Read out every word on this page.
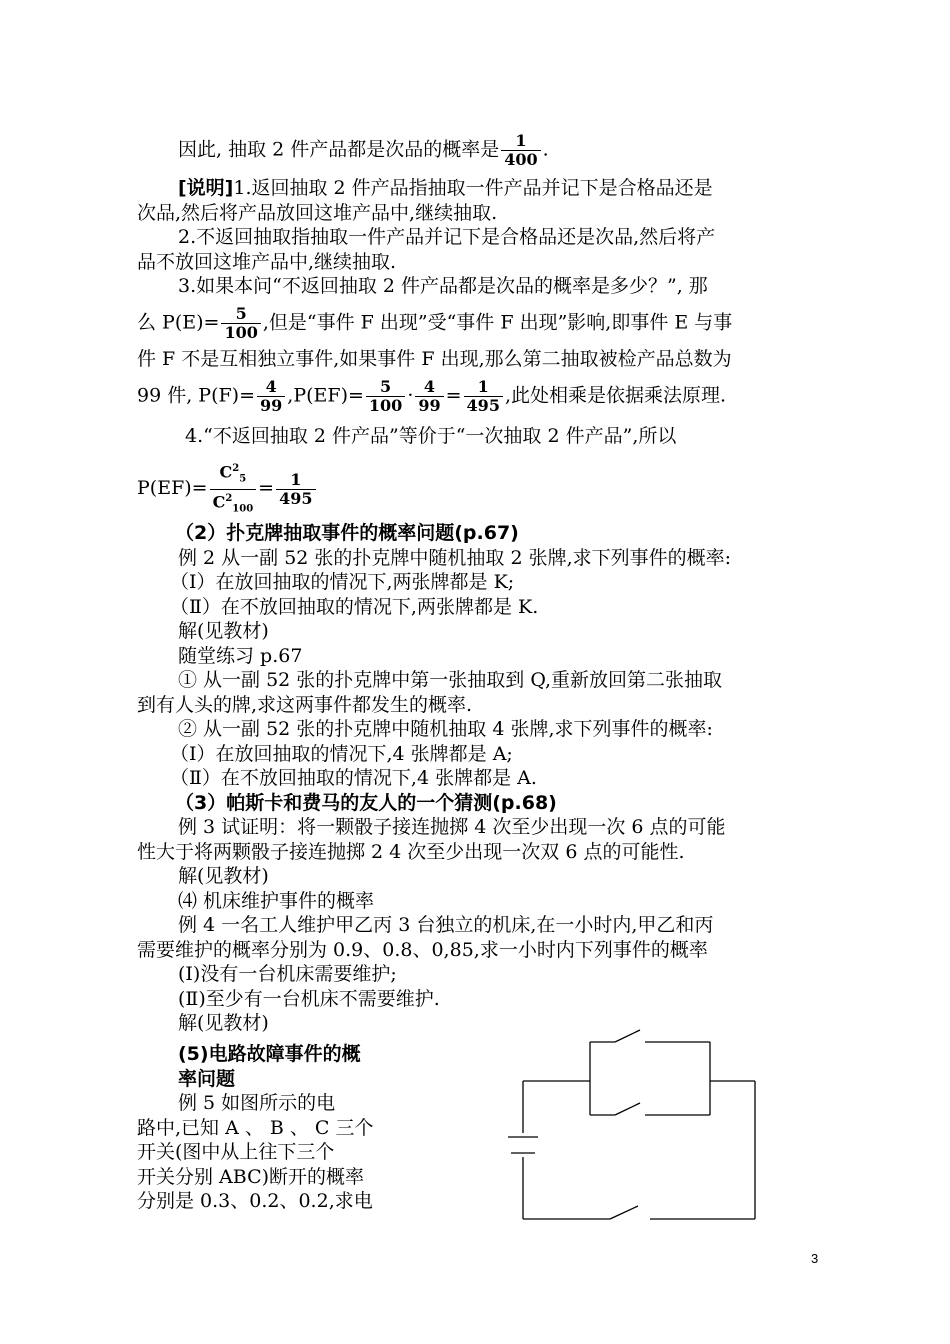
因此, 抽取 2 件产品都是次品的概率是 $\frac{1}{400}$ .
[说明]1.返回抽取 2 件产品指抽取一件产品并记下是合格品还是
次品,然后将产品放回这堆产品中,继续抽取.
2.不返回抽取指抽取一件产品并记下是合格品还是次品,然后将产
品不放回这堆产品中,继续抽取.
3.如果本问“不返回抽取 2 件产品都是次品的概率是多少？”, 那
么 $P(E)= \frac{5}{100}$ ,但是“事件 F 出现”受“事件 F 出现”影响,即事件 E 与事
件 F 不是互相独立事件,如果事件 F 出现,那么第二抽取被检产品总数为
99 件, $P(F)= \frac{4}{99} ,P(EF)= \frac{5}{100} \cdot \frac{4}{99} = \frac{1}{495}$ ,此处相乘是依据乘法原理.
4.“不返回抽取 2 件产品”等价于“一次抽取 2 件产品”,所以
$P(EF)= \frac{C^2_5}{C^2_{100}} = \frac{1}{495}$
（2）扑克牌抽取事件的概率问题(p.67)
例 2 从一副 52 张的扑克牌中随机抽取 2 张牌,求下列事件的概率:
（Ⅰ）在放回抽取的情况下,两张牌都是 K;
（Ⅱ）在不放回抽取的情况下,两张牌都是 K.
解(见教材)
随堂练习 p.67
① 从一副 52 张的扑克牌中第一张抽取到 Q,重新放回第二张抽取
到有人头的牌,求这两事件都发生的概率.
② 从一副 52 张的扑克牌中随机抽取 4 张牌,求下列事件的概率:
（Ⅰ）在放回抽取的情况下,4 张牌都是 A;
（Ⅱ）在不放回抽取的情况下,4 张牌都是 A.
（3）帕斯卡和费马的友人的一个猜测(p.68)
例 3 试证明：将一颗骰子接连抛掷 4 次至少出现一次 6 点的可能
性大于将两颗骰子接连抛掷 2 4 次至少出现一次双 6 点的可能性.
解(见教材)
⑷ 机床维护事件的概率
例 4 一名工人维护甲乙丙 3 台独立的机床,在一小时内,甲乙和丙
需要维护的概率分别为 0.9、0.8、0,85,求一小时内下列事件的概率
(Ⅰ)没有一台机床需要维护;
(Ⅱ)至少有一台机床不需要维护.
解(见教材)
(5)电路故障事件的概
率问题
例 5 如图所示的电
路中,已知 A 、 B 、 C 三个
开关(图中从上往下三个
开关分别 ABC)断开的概率
分别是 0.3、0.2、0.2,求电
3
